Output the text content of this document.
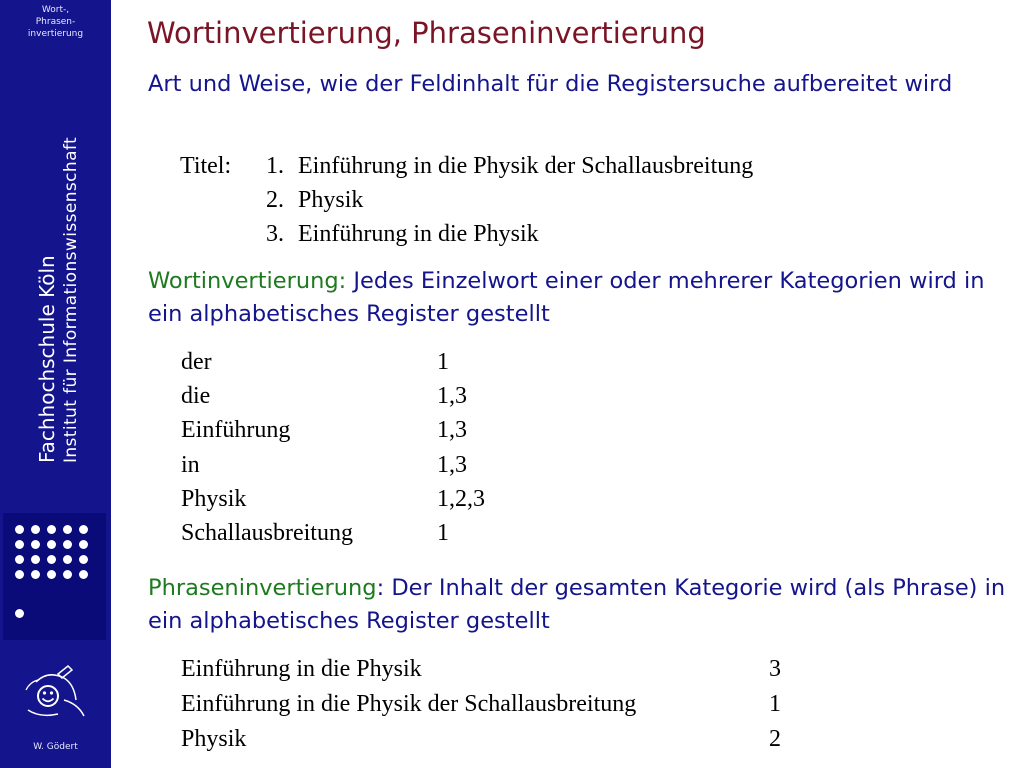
Wort-,
Phrasen-
invertierung
Fachhochschule Köln Institut für Informationswissenschaft
W. Gödert
Wortinvertierung, Phraseninvertierung

Art und Weise, wie der Feldinhalt für die Registersuche aufbereitet wird

Titel: 1. Einführung in die Physik der Schallausbreitung
2. Physik
3. Einführung in die Physik

Wortinvertierung: Jedes Einzelwort einer oder mehrerer Kategorien wird in ein alphabetisches Register gestellt

der	1
die	1,3
Einführung	1,3
in	1,3
Physik	1,2,3
Schallausbreitung	1

Phraseninvertierung: Der Inhalt der gesamten Kategorie wird (als Phrase) in ein alphabetisches Register gestellt

Einführung in die Physik	3
Einführung in die Physik der Schallausbreitung	1
Physik	2
